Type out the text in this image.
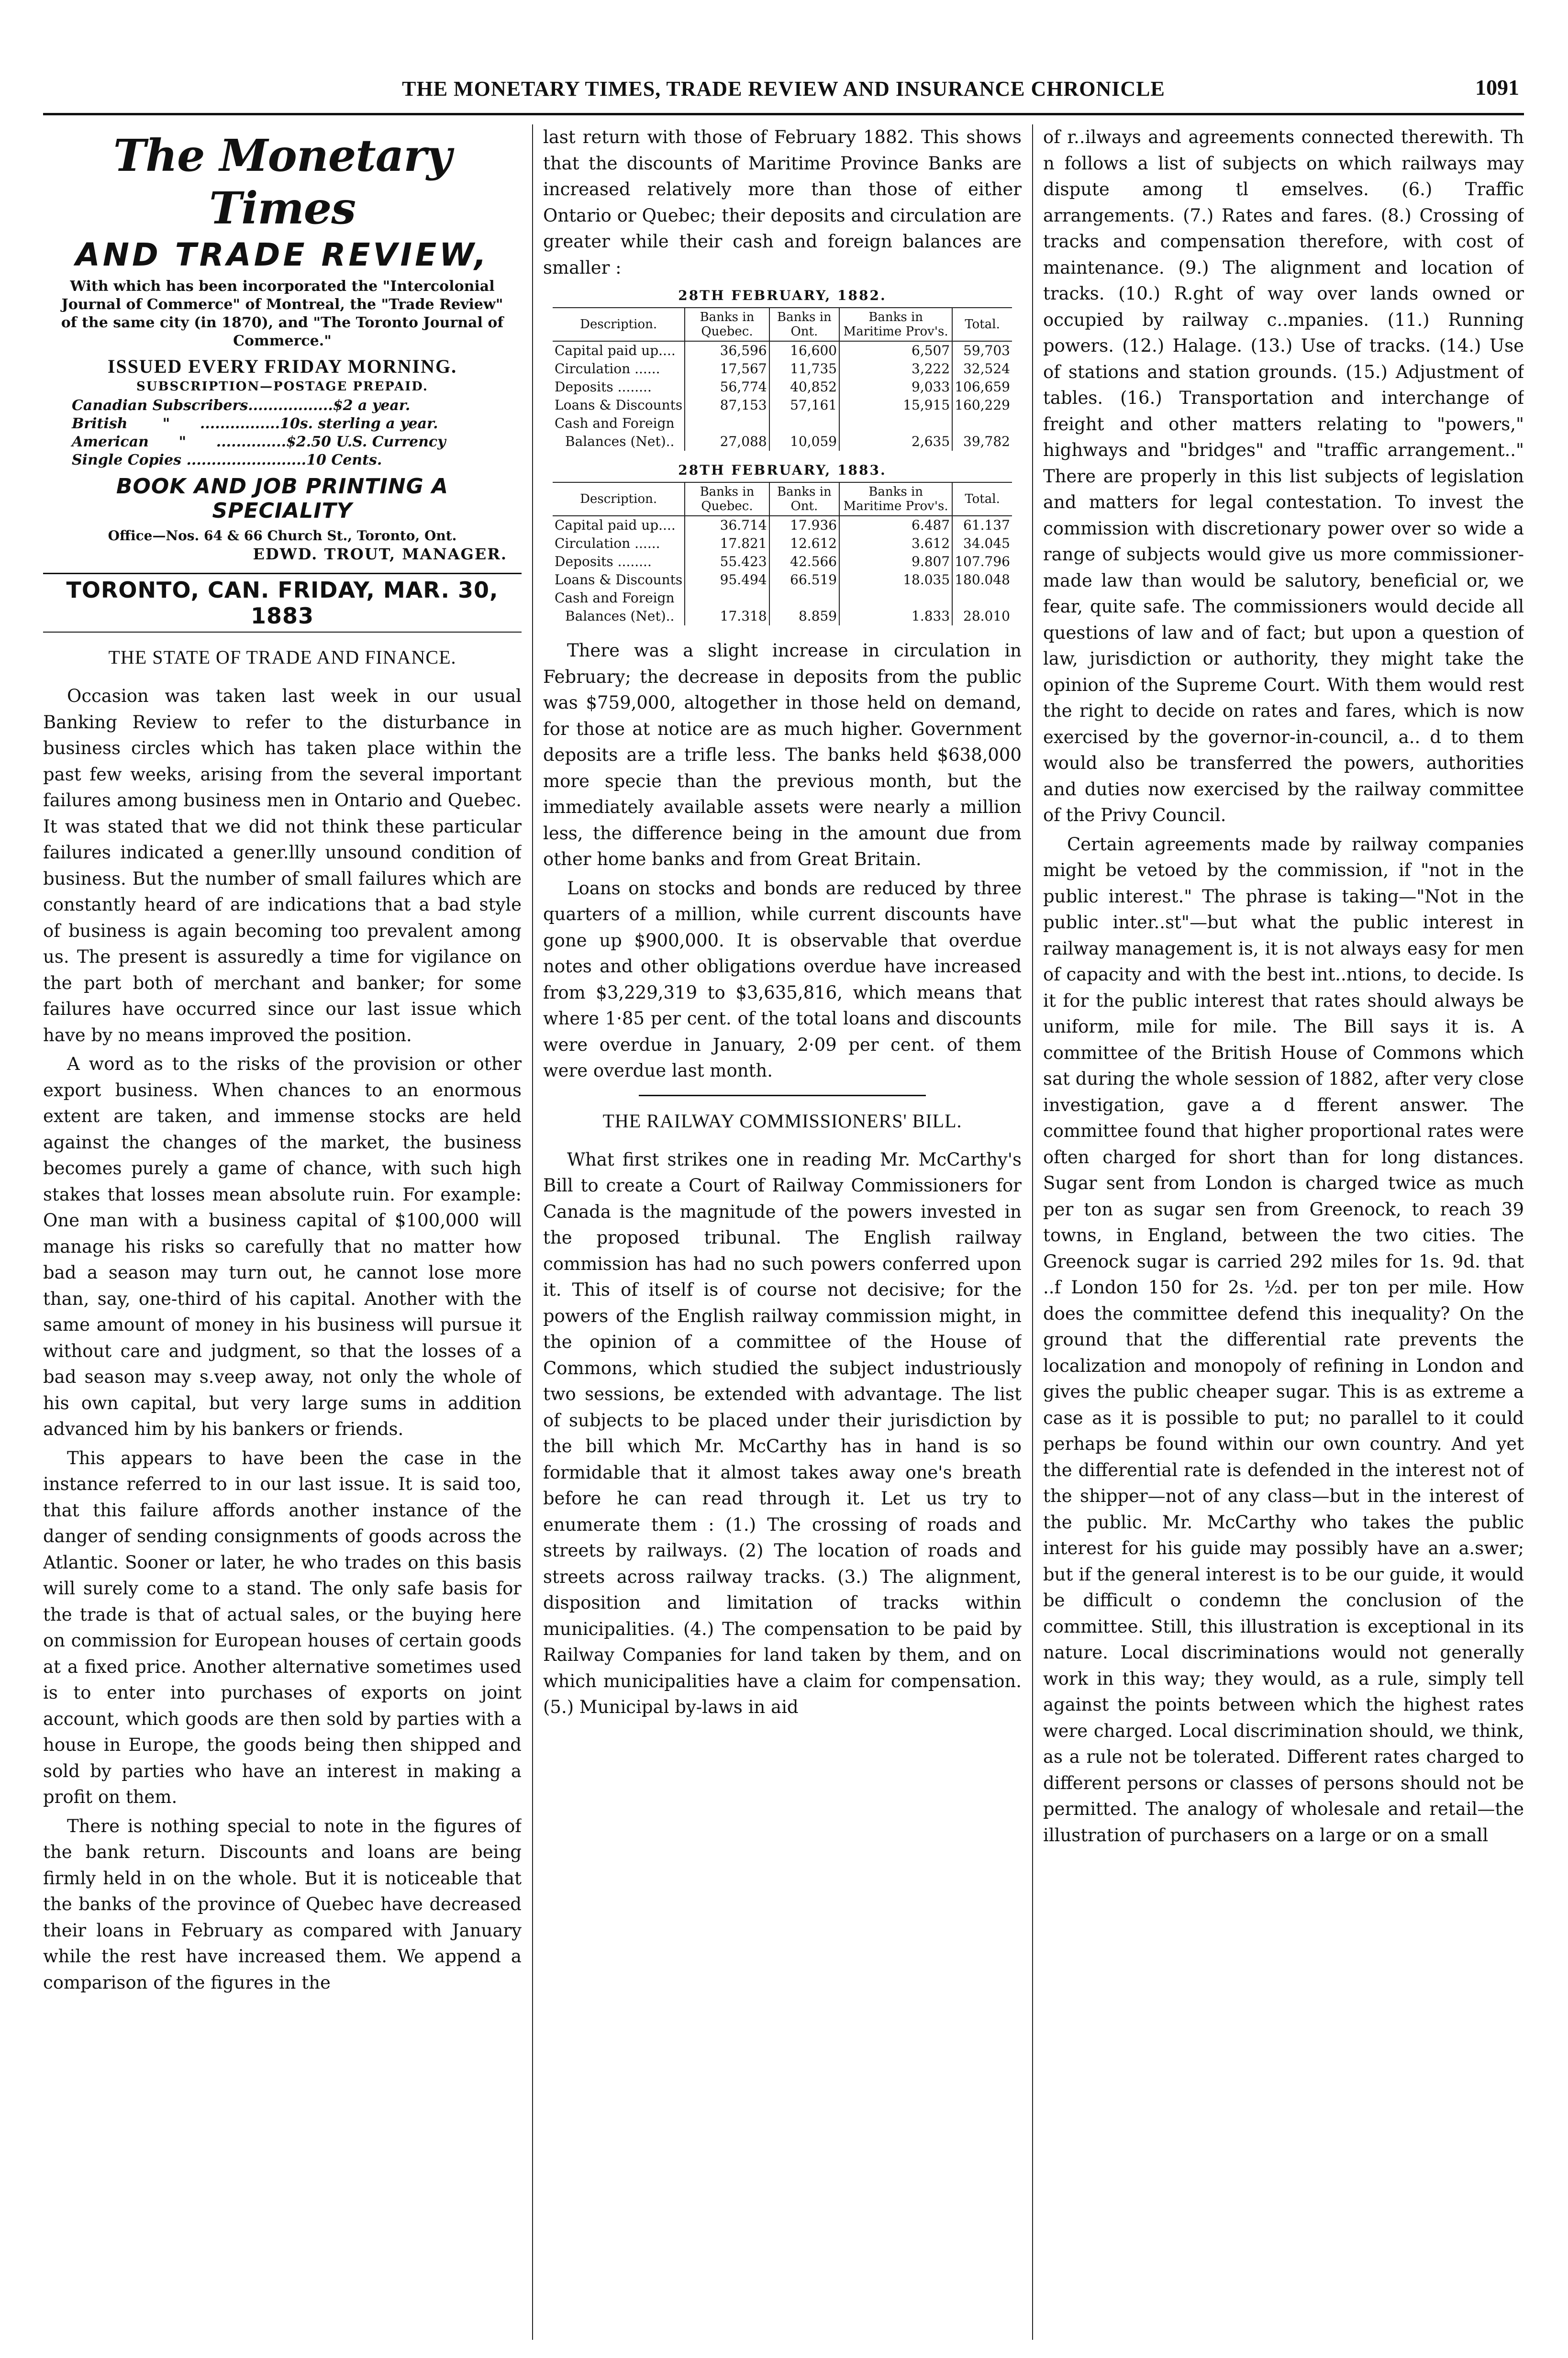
THE MONETARY TIMES, TRADE REVIEW AND INSURANCE CHRONICLE	1091
The Monetary Times
AND TRADE REVIEW,
With which has been incorporated the "Intercolonial Journal of Commerce" of Montreal, the "Trade Review" of the same city (in 1870), and "The Toronto Journal of Commerce."
ISSUED EVERY FRIDAY MORNING.
SUBSCRIPTION—POSTAGE PREPAID.
Canadian Subscribers.................$2 a year.
British       "      ................10s. sterling a year.
American      "      ..............$2.50 U.S. Currency
Single Copies ........................10 Cents.
BOOK AND JOB PRINTING A SPECIALITY
Office—Nos. 64 & 66 Church St., Toronto, Ont.
EDWD. TROUT, MANAGER.
TORONTO, CAN. FRIDAY, MAR. 30, 1883
THE STATE OF TRADE AND FINANCE.

Occasion was taken last week in our usual Banking Review to refer to the disturbance in business circles which has taken place within the past few weeks, arising from the several important failures among business men in Ontario and Quebec. It was stated that we did not think these particular failures indicated a gener.llly unsound condition of business. But the number of small failures which are constantly heard of are indications that a bad style of business is again becoming too prevalent among us. The present is assuredly a time for vigilance on the part both of merchant and banker; for some failures have occurred since our last issue which have by no means improved the position.

A word as to the risks of the provision or other export business. When chances to an enormous extent are taken, and immense stocks are held against the changes of the market, the business becomes purely a game of chance, with such high stakes that losses mean absolute ruin. For example: One man with a business capital of $100,000 will manage his risks so carefully that no matter how bad a season may turn out, he cannot lose more than, say, one-third of his capital. Another with the same amount of money in his business will pursue it without care and judgment, so that the losses of a bad season may s.veep away, not only the whole of his own capital, but very large sums in addition advanced him by his bankers or friends.

This appears to have been the case in the instance referred to in our last issue. It is said too, that this failure affords another instance of the danger of sending consignments of goods across the Atlantic. Sooner or later, he who trades on this basis will surely come to a stand. The only safe basis for the trade is that of actual sales, or the buying here on commission for European houses of certain goods at a fixed price. Another alternative sometimes used is to enter into purchases of exports on joint account, which goods are then sold by parties with a house in Europe, the goods being then shipped and sold by parties who have an interest in making a profit on them.

There is nothing special to note in the figures of the bank return. Discounts and loans are being firmly held in on the whole. But it is noticeable that the banks of the province of Quebec have decreased their loans in February as compared with January while the rest have increased them. We append a comparison of the figures in the

last return with those of February 1882. This shows that the discounts of Maritime Province Banks are increased relatively more than those of either Ontario or Quebec; their deposits and circulation are greater while their cash and foreign balances are smaller :

28TH FEBRUARY, 1882.
Description.	Banks in Quebec.	Banks in Ont.	Banks in Maritime Prov's.	Total.
Capital paid up....	36,596	16,600	6,507	59,703
Circulation ......	17,567	11,735	3,222	32,524
Deposits ........	56,774	40,852	9,033	106,659
Loans & Discounts	87,153	57,161	15,915	160,229
Cash and Foreign				
Balances (Net)..	27,088	10,059	2,635	39,782
28TH FEBRUARY, 1883.
Description.	Banks in Quebec.	Banks in Ont.	Banks in Maritime Prov's.	Total.
Capital paid up....	36.714	17.936	6.487	61.137
Circulation ......	17.821	12.612	3.612	34.045
Deposits ........	55.423	42.566	9.807	107.796
Loans & Discounts	95.494	66.519	18.035	180.048
Cash and Foreign				
Balances (Net)..	17.318	8.859	1.833	28.010

There was a slight increase in circulation in February; the decrease in deposits from the public was $759,000, altogether in those held on demand, for those at notice are as much higher. Government deposits are a trifle less. The banks held $638,000 more specie than the previous month, but the immediately available assets were nearly a million less, the difference being in the amount due from other home banks and from Great Britain.

Loans on stocks and bonds are reduced by three quarters of a million, while current discounts have gone up $900,000. It is observable that overdue notes and other obligations overdue have increased from $3,229,319 to $3,635,816, which means that where 1·85 per cent. of the total loans and discounts were overdue in January, 2·09 per cent. of them were overdue last month.

THE RAILWAY COMMISSIONERS' BILL.

What first strikes one in reading Mr. McCarthy's Bill to create a Court of Railway Commissioners for Canada is the magnitude of the powers invested in the proposed tribunal. The English railway commission has had no such powers conferred upon it. This of itself is of course not decisive; for the powers of the English railway commission might, in the opinion of a committee of the House of Commons, which studied the subject industriously two sessions, be extended with advantage. The list of subjects to be placed under their jurisdiction by the bill which Mr. McCarthy has in hand is so formidable that it almost takes away one's breath before he can read through it. Let us try to enumerate them : (1.) The crossing of roads and streets by railways. (2) The location of roads and streets across railway tracks. (3.) The alignment, disposition and limitation of tracks within municipalities. (4.) The compensation to be paid by Railway Companies for land taken by them, and on which municipalities have a claim for compensation. (5.) Municipal by-laws in aid

of r..ilways and agreements connected therewith. Th n follows a list of subjects on which railways may dispute among tl emselves. (6.) Traffic arrangements. (7.) Rates and fares. (8.) Crossing of tracks and compensation therefore, with cost of maintenance. (9.) The alignment and location of tracks. (10.) R.ght of way over lands owned or occupied by railway c..mpanies. (11.) Running powers. (12.) Halage. (13.) Use of tracks. (14.) Use of stations and station grounds. (15.) Adjustment of tables. (16.) Transportation and interchange of freight and other matters relating to "powers," highways and "bridges" and "traffic arrangement.." There are properly in this list subjects of legislation and matters for legal contestation. To invest the commission with discretionary power over so wide a range of subjects would give us more commissioner-made law than would be salutory, beneficial or, we fear, quite safe. The commissioners would decide all questions of law and of fact; but upon a question of law, jurisdiction or authority, they might take the opinion of the Supreme Court. With them would rest the right to decide on rates and fares, which is now exercised by the governor-in-council, a.. d to them would also be transferred the powers, authorities and duties now exercised by the railway committee of the Privy Council.

Certain agreements made by railway companies might be vetoed by the commission, if "not in the public interest." The phrase is taking—"Not in the public inter..st"—but what the public interest in railway management is, it is not always easy for men of capacity and with the best int..ntions, to decide. Is it for the public interest that rates should always be uniform, mile for mile. The Bill says it is. A committee of the British House of Commons which sat during the whole session of 1882, after very close investigation, gave a d fferent answer. The committee found that higher proportional rates were often charged for short than for long distances. Sugar sent from London is charged twice as much per ton as sugar sen from Greenock, to reach 39 towns, in England, between the two cities. The Greenock sugar is carried 292 miles for 1s. 9d. that ..f London 150 for 2s. ½d. per ton per mile. How does the committee defend this inequality? On the ground that the differential rate prevents the localization and monopoly of refining in London and gives the public cheaper sugar. This is as extreme a case as it is possible to put; no parallel to it could perhaps be found within our own country. And yet the differential rate is defended in the interest not of the shipper—not of any class—but in the interest of the public. Mr. McCarthy who takes the public interest for his guide may possibly have an a.swer; but if the general interest is to be our guide, it would be difficult o condemn the conclusion of the committee. Still, this illustration is exceptional in its nature. Local discriminations would not generally work in this way; they would, as a rule, simply tell against the points between which the highest rates were charged. Local discrimination should, we think, as a rule not be tolerated. Different rates charged to different persons or classes of persons should not be permitted. The analogy of wholesale and retail—the illustration of purchasers on a large or on a small
